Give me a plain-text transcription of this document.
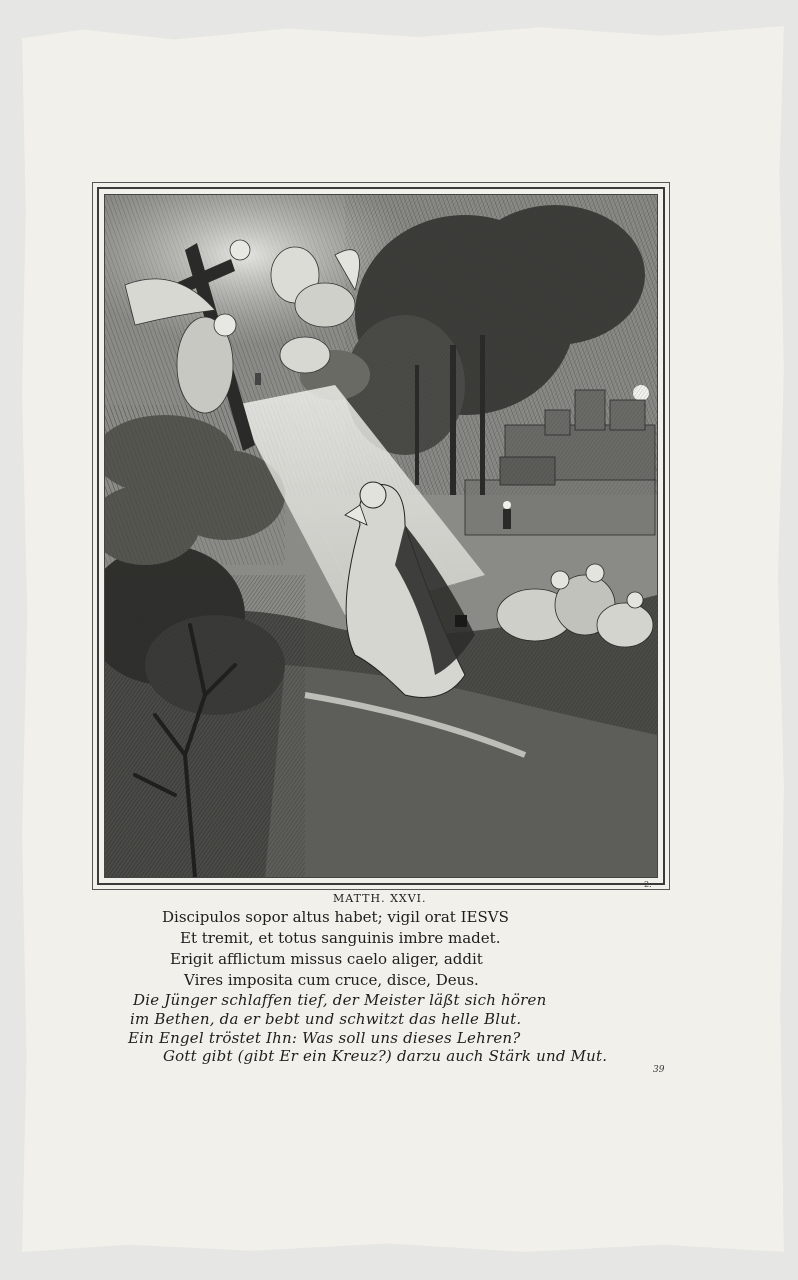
2.
MATTH. XXVI.
Discipulos sopor altus habet; vigil orat IESVS
Et tremit, et totus sanguinis imbre madet.
Erigit afflictum missus caelo aliger, addit
Vires imposita cum cruce, disce, Deus.
Die Jünger schlaffen tief, der Meister läßt sich hören
im Bethen, da er bebt und schwitzt das helle Blut.
Ein Engel tröstet Ihn: Was soll uns dieses Lehren?
Gott gibt (gibt Er ein Kreuz?) darzu auch Stärk und Mut.
39
